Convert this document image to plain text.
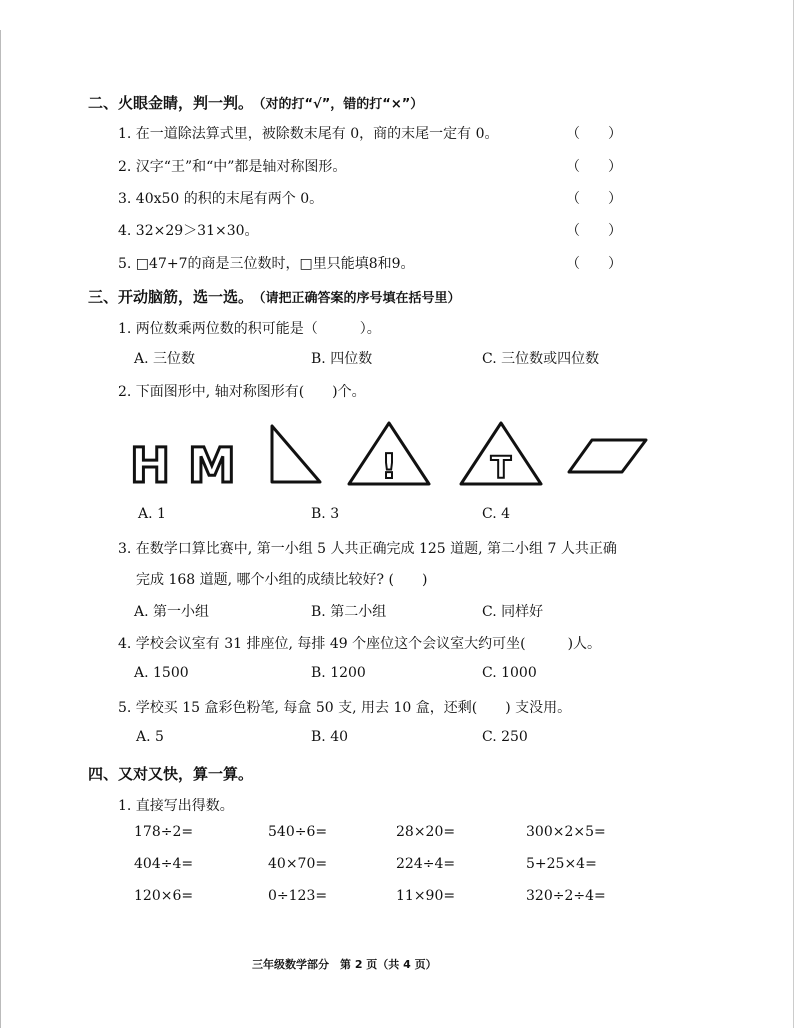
二、火眼金睛，判一判。 （对的打“√”，错的打“×”）
1. 在一道除法算式里，被除数末尾有 0，商的末尾一定有 0。	（　　）
2. 汉字“王”和“中”都是轴对称图形。	（　　）
3. 40x50 的积的末尾有两个 0。	（　　）
4. 32×29＞31×30。	（　　）
5. □47+7的商是三位数时，□里只能填8和9。	（　　）
三、开动脑筋，选一选。 （请把正确答案的序号填在括号里）
1. 两位数乘两位数的积可能是（　　　）。
A. 三位数	B. 四位数	C. 三位数或四位数
2. 下面图形中, 轴对称图形有(　　)个。
H M	!	T
A. 1	B. 3	C. 4
3. 在数学口算比赛中, 第一小组 5 人共正确完成 125 道题, 第二小组 7 人共正确
完成 168 道题, 哪个小组的成绩比较好? (　　)
A. 第一小组	B. 第二小组	C. 同样好
4. 学校会议室有 31 排座位, 每排 49 个座位这个会议室大约可坐(　　　)人。
A. 1500	B. 1200	C. 1000
5. 学校买 15 盒彩色粉笔, 每盒 50 支, 用去 10 盒，还剩(　　) 支没用。
A. 5	B. 40	C. 250
四、又对又快，算一算。
1. 直接写出得数。
178÷2=	540÷6=	28×20=	300×2×5=
404÷4=	40×70=	224÷4=	5+25×4=
120×6=	0÷123=	11×90=	320÷2÷4=
三年级数学部分　第 2 页（共 4 页）
